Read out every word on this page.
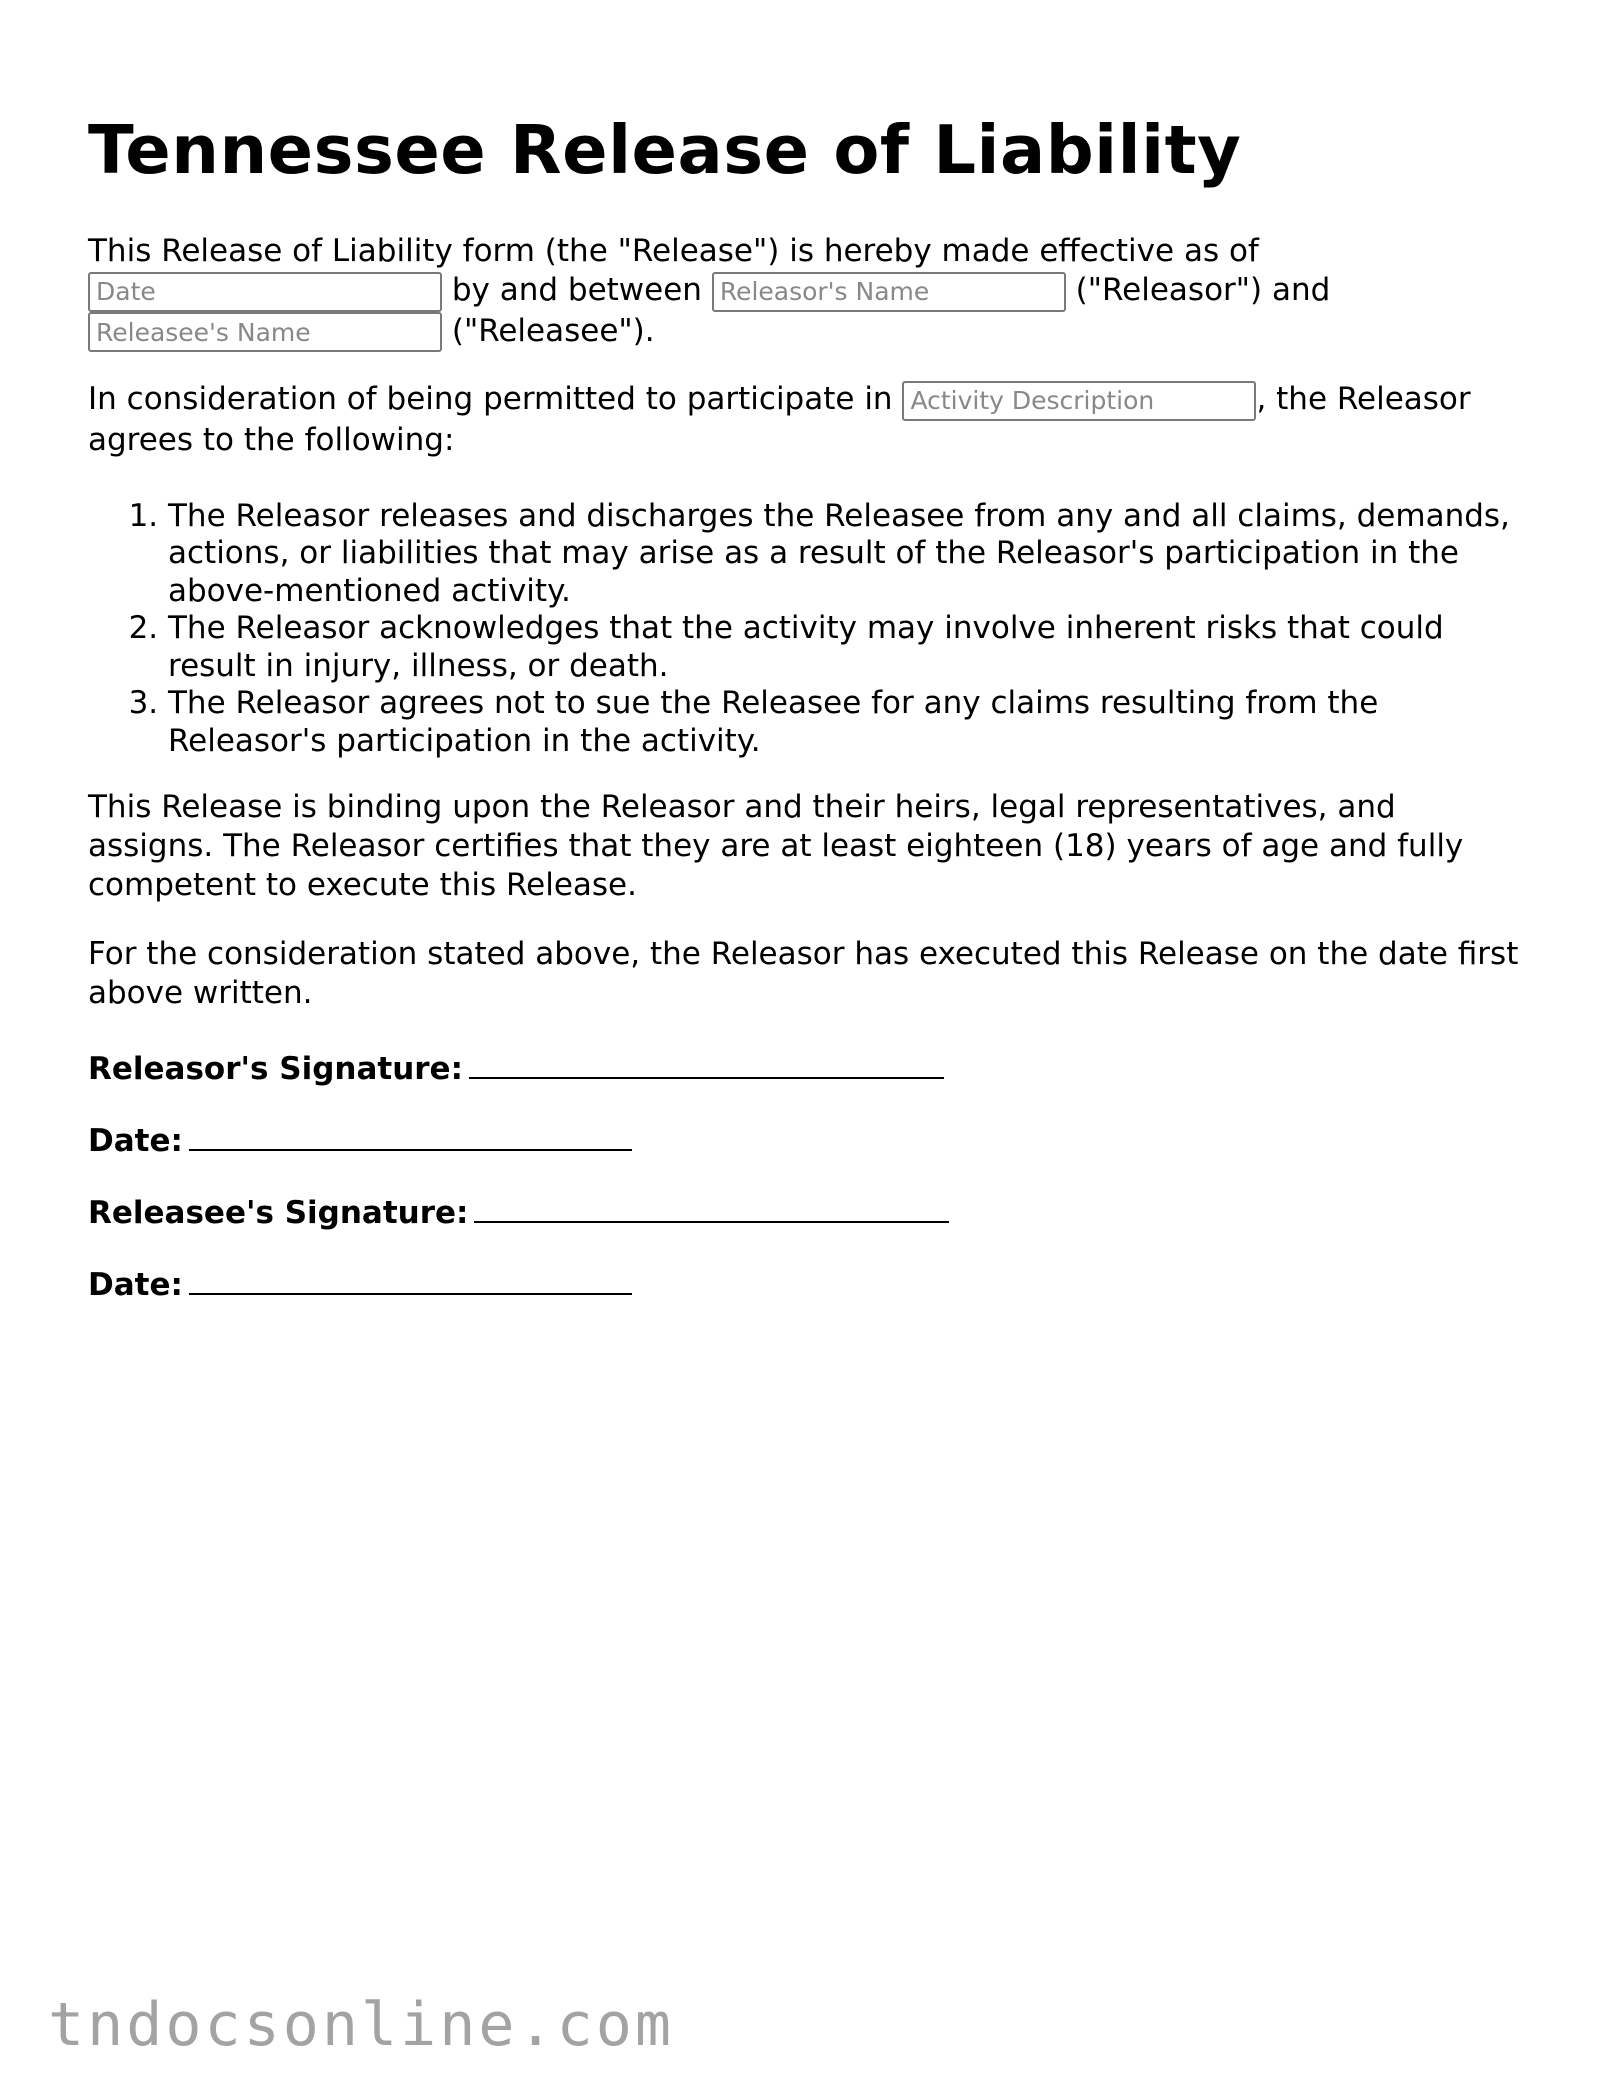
Tennessee Release of Liability

This Release of Liability form (the "Release") is hereby made effective as of
Date by and between Releasor's Name	("Releasor") and
Releasee's Name ("Releasee").

In consideration of being permitted to participate in Activity Description	, the Releasor agrees to the following:

1. The Releasor releases and discharges the Releasee from any and all claims, demands, actions, or liabilities that may arise as a result of the Releasor's participation in the above-mentioned activity.
2. The Releasor acknowledges that the activity may involve inherent risks that could result in injury, illness, or death.
3. The Releasor agrees not to sue the Releasee for any claims resulting from the Releasor's participation in the activity.

This Release is binding upon the Releasor and their heirs, legal representatives, and assigns. The Releasor certifies that they are at least eighteen (18) years of age and fully competent to execute this Release.

For the consideration stated above, the Releasor has executed this Release on the date first above written.

Releasor's Signature:
Date:
Releasee's Signature:
Date:
tndocsonline.com
